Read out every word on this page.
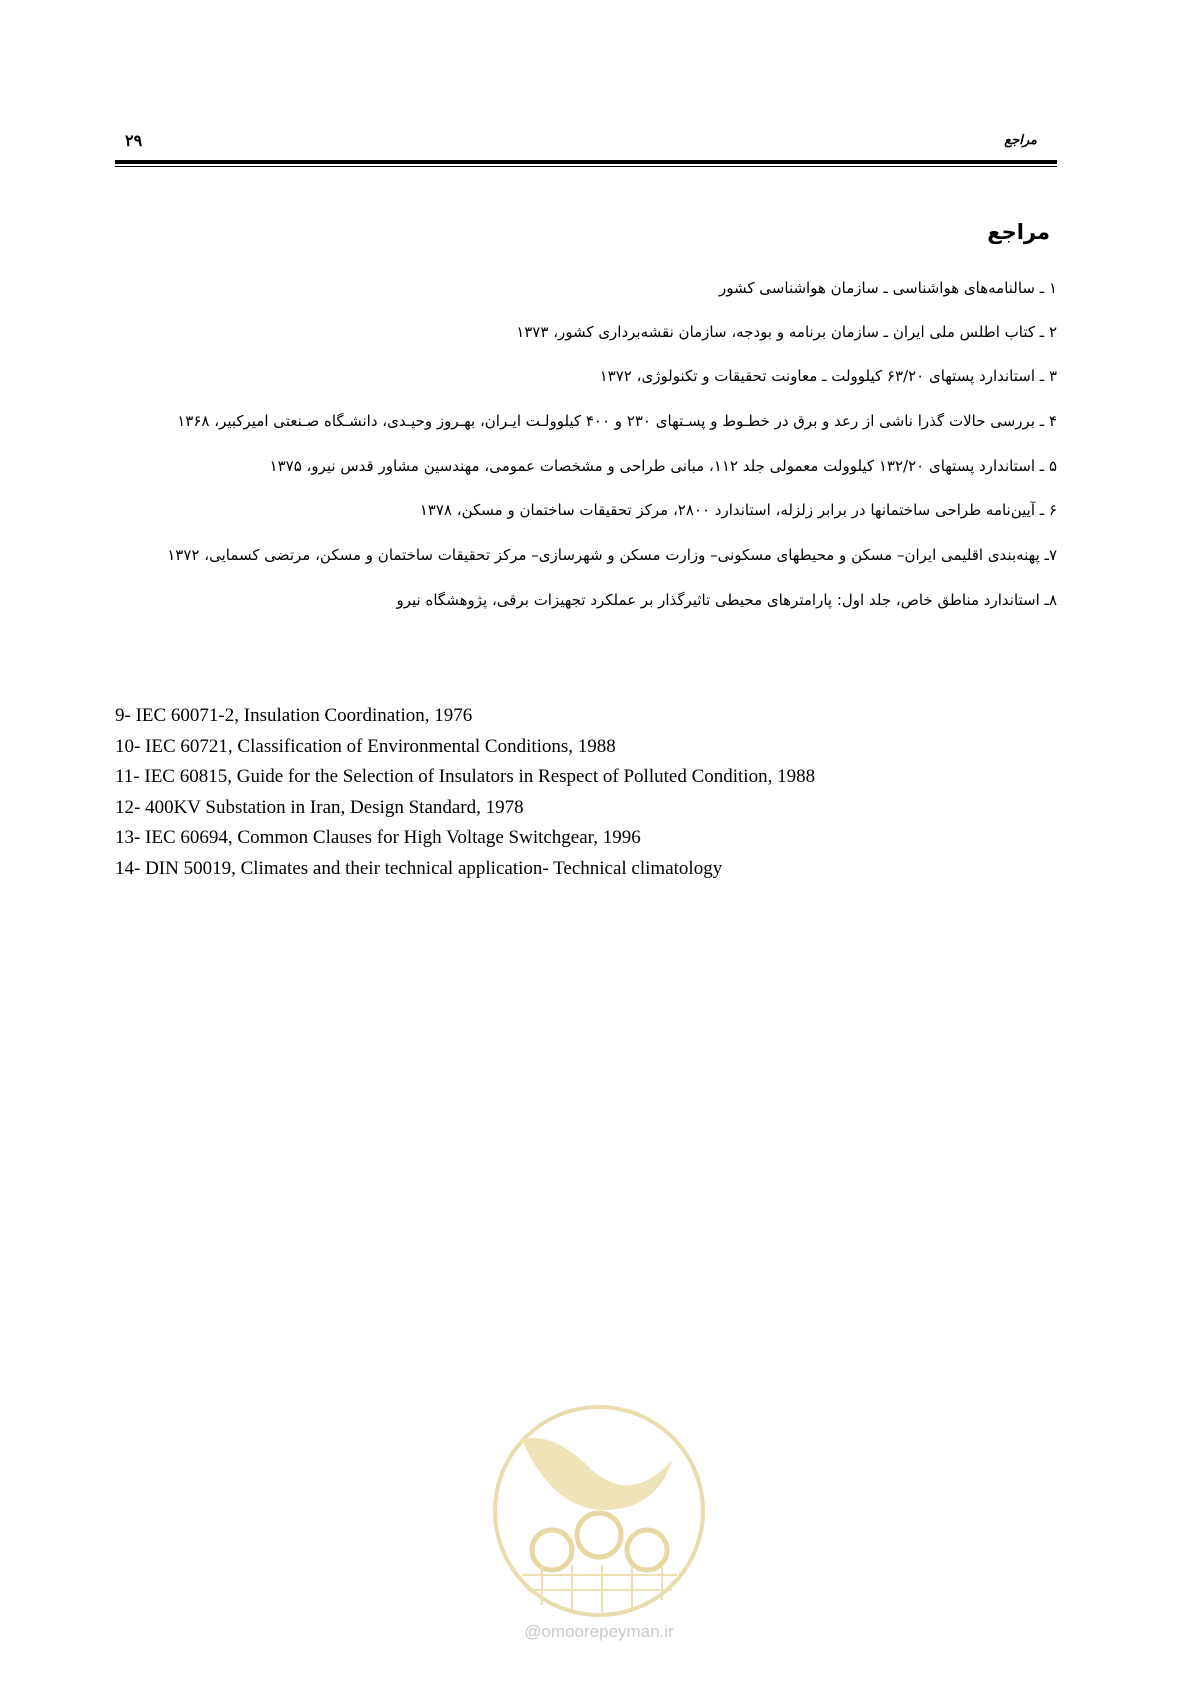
۲۹	مراجع
مراجع
۱ ـ سالنامه‌های هواشناسی ـ سازمان هواشناسی کشور
۲ ـ کتاب اطلس ملی ایران ـ سازمان برنامه و بودجه، سازمان نقشه‌برداری کشور، ۱۳۷۳
۳ ـ استاندارد پستهای ۶۳/۲۰ کیلوولت ـ معاونت تحقیقات و تکنولوژی، ۱۳۷۲
۴ ـ بررسی حالات گذرا ناشی از رعد و برق در خطـوط و پسـتهای ۲۳۰ و ۴۰۰ کیلوولـت ایـران، بهـروز وحیـدی، دانشـگاه صـنعتی امیرکبیر، ۱۳۶۸
۵ ـ استاندارد پستهای ۱۳۲/۲۰ کیلوولت معمولی جلد ۱۱۲، مبانی طراحی و مشخصات عمومی، مهندسین مشاور قدس نیرو، ۱۳۷۵
۶ ـ آیین‌نامه طراحی ساختمانها در برابر زلزله، استاندارد ۲۸۰۰، مرکز تحقیقات ساختمان و مسکن، ۱۳۷۸
۷ـ پهنه‌بندی اقلیمی ایران– مسکن و محیطهای مسکونی– وزارت مسکن و شهرسازی– مرکز تحقیقات ساختمان و مسکن، مرتضی کسمایی، ۱۳۷۲
۸ـ استاندارد مناطق خاص، جلد اول: پارامترهای محیطی تاثیرگذار بر عملکرد تجهیزات برقی، پژوهشگاه نیرو
9- IEC 60071-2, Insulation Coordination, 1976
10- IEC 60721, Classification of Environmental Conditions, 1988
11- IEC 60815, Guide for the Selection of Insulators in Respect of Polluted Condition, 1988
12- 400KV Substation in Iran, Design Standard, 1978
13- IEC 60694, Common Clauses for High Voltage Switchgear, 1996
14- DIN 50019, Climates and their technical application- Technical climatology
@omoorepeyman.ir
